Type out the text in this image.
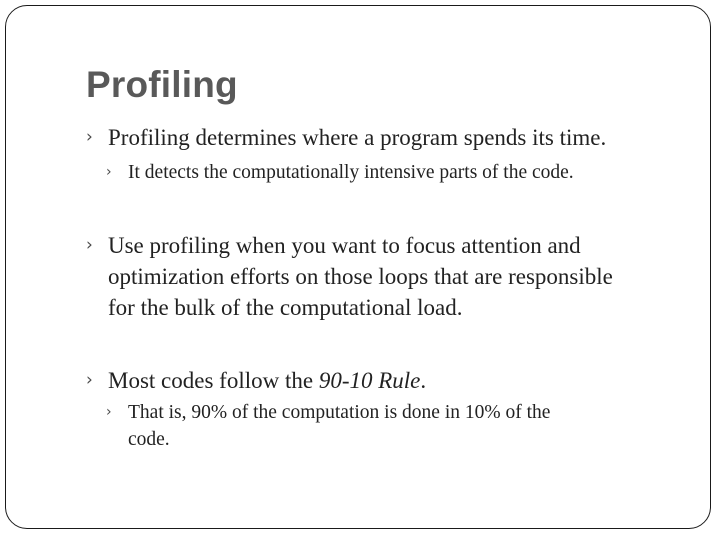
Profiling

› Profiling determines where a program spends its time.

› It detects the computationally intensive parts of the code.

› Use profiling when you want to focus attention and
optimization efforts on those loops that are responsible
for the bulk of the computational load.

› Most codes follow the 90-10 Rule.

› That is, 90% of the computation is done in 10% of the
code.
